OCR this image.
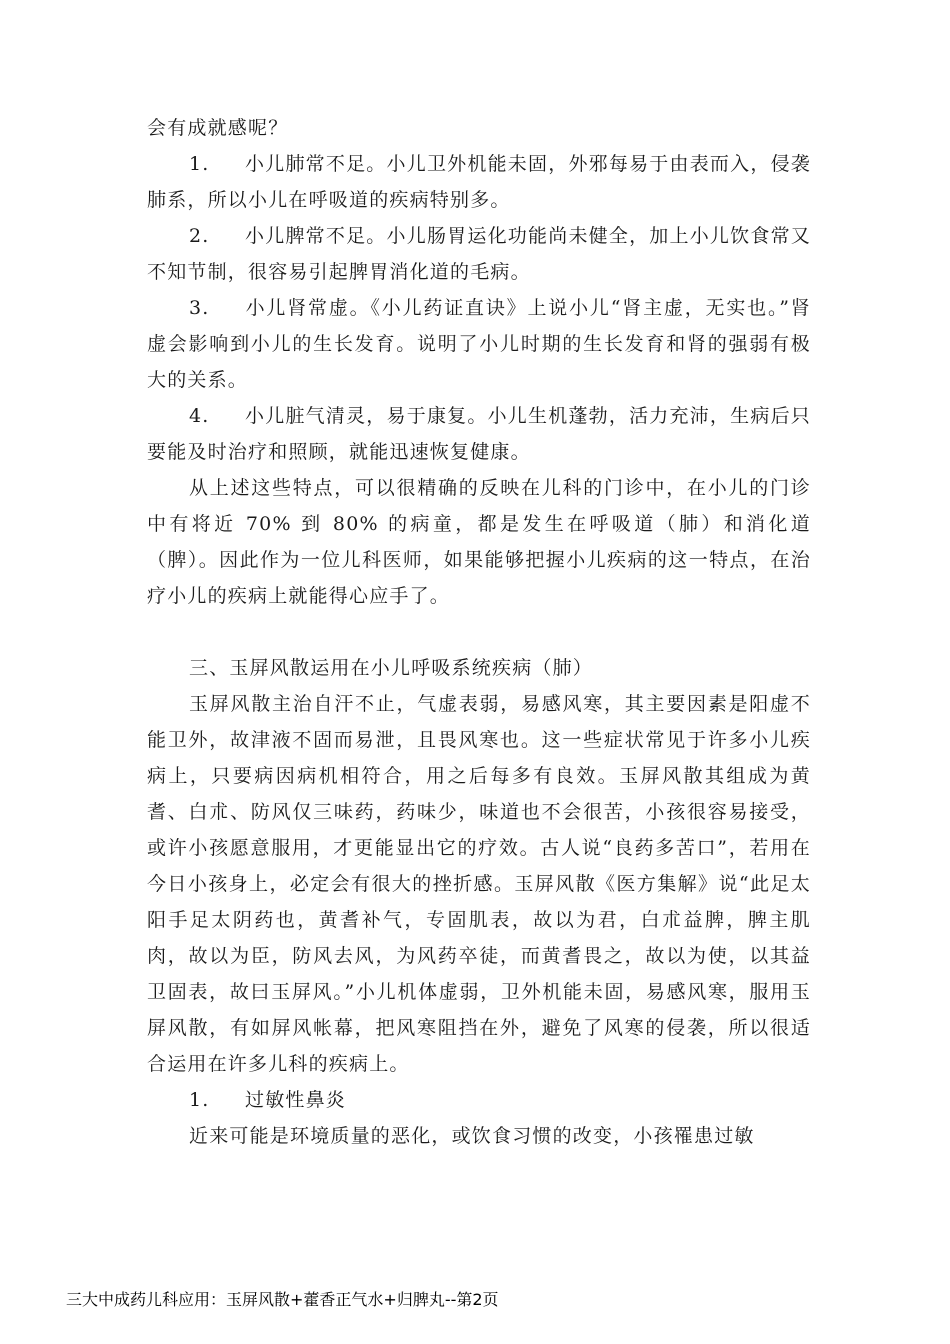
会有成就感呢？

1. 小儿肺常不足。小儿卫外机能未固，外邪每易于由表而入，侵袭肺系，所以小儿在呼吸道的疾病特别多。

2. 小儿脾常不足。小儿肠胃运化功能尚未健全，加上小儿饮食常又不知节制，很容易引起脾胃消化道的毛病。

3. 小儿肾常虚。《小儿药证直诀》上说小儿“肾主虚，无实也。”肾虚会影响到小儿的生长发育。说明了小儿时期的生长发育和肾的强弱有极大的关系。

4. 小儿脏气清灵，易于康复。小儿生机蓬勃，活力充沛，生病后只要能及时治疗和照顾，就能迅速恢复健康。

从上述这些特点，可以很精确的反映在儿科的门诊中，在小儿的门诊中有将近 70% 到 80% 的病童，都是发生在呼吸道（肺）和消化道（脾）。因此作为一位儿科医师，如果能够把握小儿疾病的这一特点，在治疗小儿的疾病上就能得心应手了。

三、玉屏风散运用在小儿呼吸系统疾病（肺）

玉屏风散主治自汗不止，气虚表弱，易感风寒，其主要因素是阳虚不能卫外，故津液不固而易泄，且畏风寒也。这一些症状常见于许多小儿疾病上，只要病因病机相符合，用之后每多有良效。玉屏风散其组成为黄耆、白朮、防风仅三味药，药味少，味道也不会很苦，小孩很容易接受，或许小孩愿意服用，才更能显出它的疗效。古人说“良药多苦口”，若用在今日小孩身上，必定会有很大的挫折感。玉屏风散《医方集解》说“此足太阳手足太阴药也，黄耆补气，专固肌表，故以为君，白朮益脾，脾主肌肉，故以为臣，防风去风，为风药卒徒，而黄耆畏之，故以为使，以其益卫固表，故曰玉屏风。”小儿机体虚弱，卫外机能未固，易感风寒，服用玉屏风散，有如屏风帐幕，把风寒阻挡在外，避免了风寒的侵袭，所以很适合运用在许多儿科的疾病上。

1. 过敏性鼻炎

近来可能是环境质量的恶化，或饮食习惯的改变，小孩罹患过敏

三大中成药儿科应用：玉屏风散+藿香正气水+归脾丸--第2页
